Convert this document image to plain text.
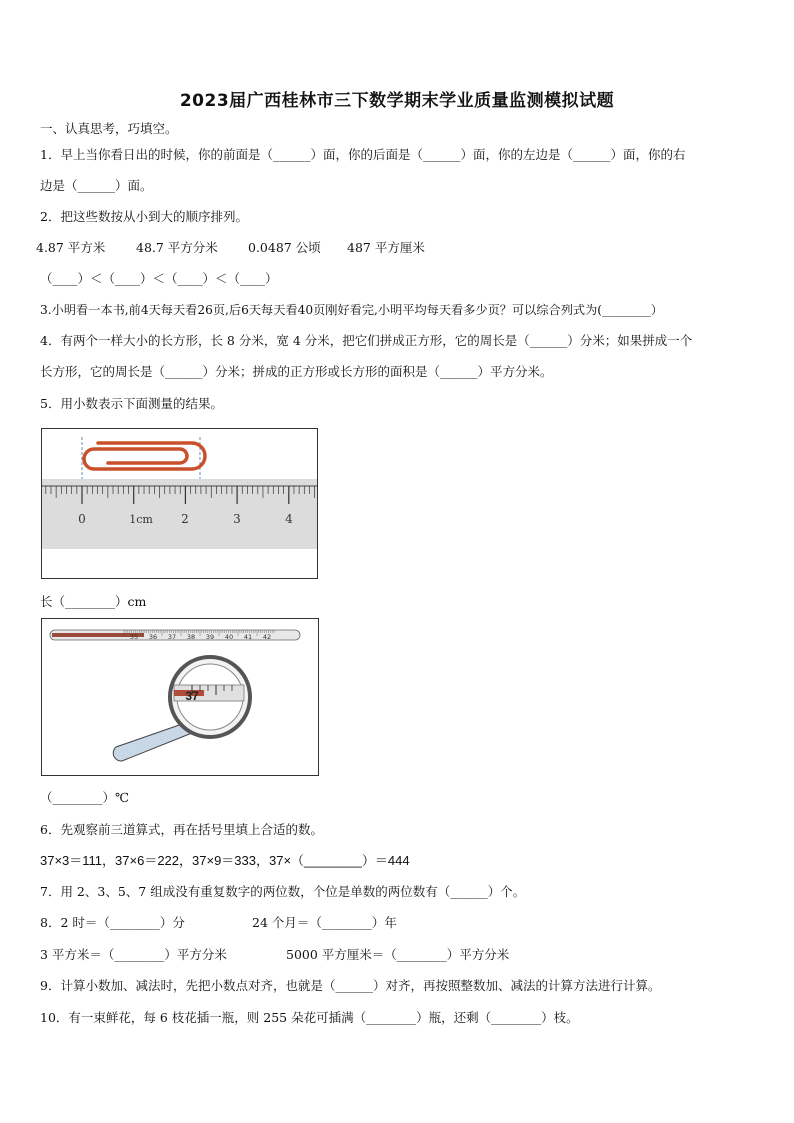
2023届广西桂林市三下数学期末学业质量监测模拟试题
一、认真思考，巧填空。
1．早上当你看日出的时候，你的前面是（______）面，你的后面是（______）面，你的左边是（______）面，你的右
边是（______）面。
2．把这些数按从小到大的顺序排列。
4.87 平方米 48.7 平方分米 0.0487 公顷 487 平方厘米
（____）＜（____）＜（____）＜（____）
3.小明看一本书,前4天每天看26页,后6天每天看40页刚好看完,小明平均每天看多少页？可以综合列式为(________）
4．有两个一样大小的长方形，长 8 分米，宽 4 分米，把它们拼成正方形，它的周长是（______）分米；如果拼成一个
长方形，它的周长是（______）分米；拼成的正方形或长方形的面积是（______）平方分米。
5．用小数表示下面测量的结果。
0	1cm 2	3	4
长（________）cm
35 36 37 38 39 40 41 42
37
（________）℃
6．先观察前三道算式，再在括号里填上合适的数。
37×3＝111，37×6＝222，37×9＝333，37×（________）＝444
7．用 2、3、5、7 组成没有重复数字的两位数，个位是单数的两位数有（______）个。
8．2 时＝（________）分	24 个月＝（________）年
3 平方米＝（________）平方分米	5000 平方厘米＝（________）平方分米
9．计算小数加、减法时，先把小数点对齐，也就是（______）对齐，再按照整数加、减法的计算方法进行计算。
10．有一束鲜花，每 6 枝花插一瓶，则 255 朵花可插满（________）瓶，还剩（________）枝。
